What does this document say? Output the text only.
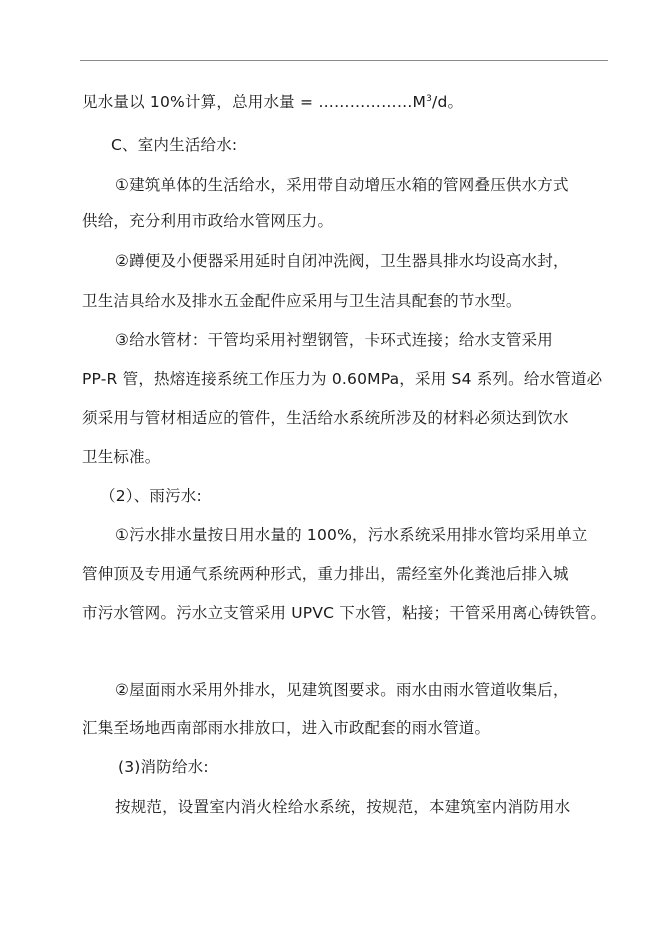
见水量以 10%计算，总用水量 = $\dots\dots\dots\dots\dots\dots M^3/d$。
C、室内生活给水:
①建筑单体的生活给水，采用带自动增压水箱的管网叠压供水方式
供给，充分利用市政给水管网压力。
②蹲便及小便器采用延时自闭冲洗阀，卫生器具排水均设高水封，
卫生洁具给水及排水五金配件应采用与卫生洁具配套的节水型。
③给水管材：干管均采用衬塑钢管，卡环式连接；给水支管采用
PP-R 管，热熔连接系统工作压力为 0.60MPa，采用 S4 系列。给水管道必
须采用与管材相适应的管件，生活给水系统所涉及的材料必须达到饮水
卫生标准。
（2）、雨污水:
①污水排水量按日用水量的 100%，污水系统采用排水管均采用单立
管伸顶及专用通气系统两种形式，重力排出，需经室外化粪池后排入城
市污水管网。污水立支管采用 UPVC 下水管，粘接；干管采用离心铸铁管。
②屋面雨水采用外排水，见建筑图要求。雨水由雨水管道收集后，
汇集至场地西南部雨水排放口，进入市政配套的雨水管道。
(3)消防给水:
按规范，设置室内消火栓给水系统，按规范，本建筑室内消防用水
